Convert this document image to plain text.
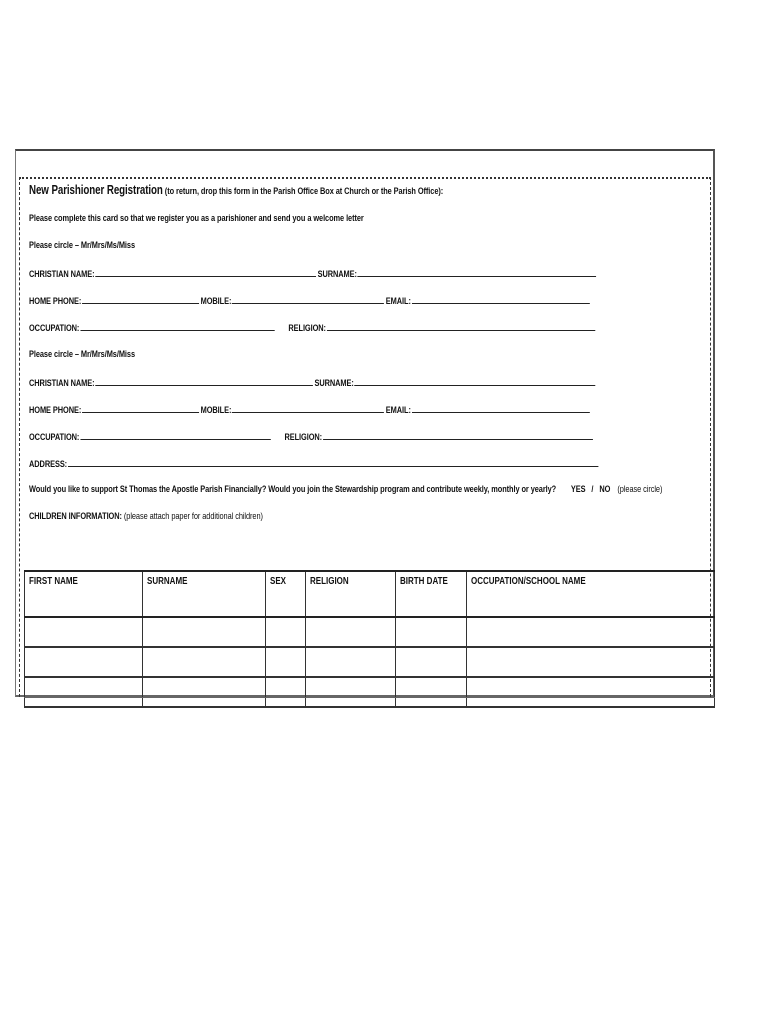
New Parishioner Registration (to return, drop this form in the Parish Office Box at Church or the Parish Office):
Please complete this card so that we register you as a parishioner and send you a welcome letter
Please circle – Mr/Mrs/Ms/Miss
CHRISTIAN NAME:	SURNAME:
HOME PHONE:	MOBILE:	EMAIL:
OCCUPATION:	RELIGION:
Please circle – Mr/Mrs/Ms/Miss
CHRISTIAN NAME:	SURNAME:
HOME PHONE:	MOBILE:	EMAIL:
OCCUPATION:	RELIGION:
ADDRESS:
Would you like to support St Thomas the Apostle Parish Financially? Would you join the Stewardship program and contribute weekly, monthly or yearly? YES   /   NO (please circle)
CHILDREN INFORMATION: (please attach paper for additional children)
FIRST NAME	SURNAME	SEX	RELIGION	BIRTH DATE	OCCUPATION/SCHOOL NAME
